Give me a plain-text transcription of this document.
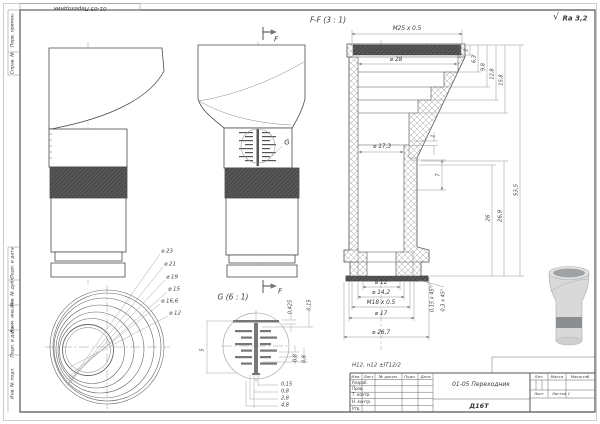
01-05 Переходник
Перв. примен.
Справ. №
Подп. и дата
Инв. № дубл.
Взам. инв. №
Подп. и дата
Инв. № подл.
F-F (3 : 1)	√ Ra 3,2
G (6 : 1)
F
F
G
⌀ 23
⌀ 21
⌀ 19
⌀ 15
⌀ 16,6
⌀ 12	0,425	0,15
0,8 0,8
5
0,15
0,8
2,8
4,8
M25 x 0.5
⌀ 28
⌀ 17,3
1
7
2
6,3
9,8
12,8
15,8
26 26,9
53,5
⌀ 12
⌀ 14,2
M18 x 0.5
⌀ 17
⌀ 26,7
0,15 x 45° 0,3 x 45°
H12, н12 ±IT12/2
Изм. Лист № докум. Подп. Дата
Разраб.
Пров.
Т. контр.
Н. контр.
Утв.
01-05 Переходник
Д16Т
Лит. Масса Масштаб
Лист Листов 1
